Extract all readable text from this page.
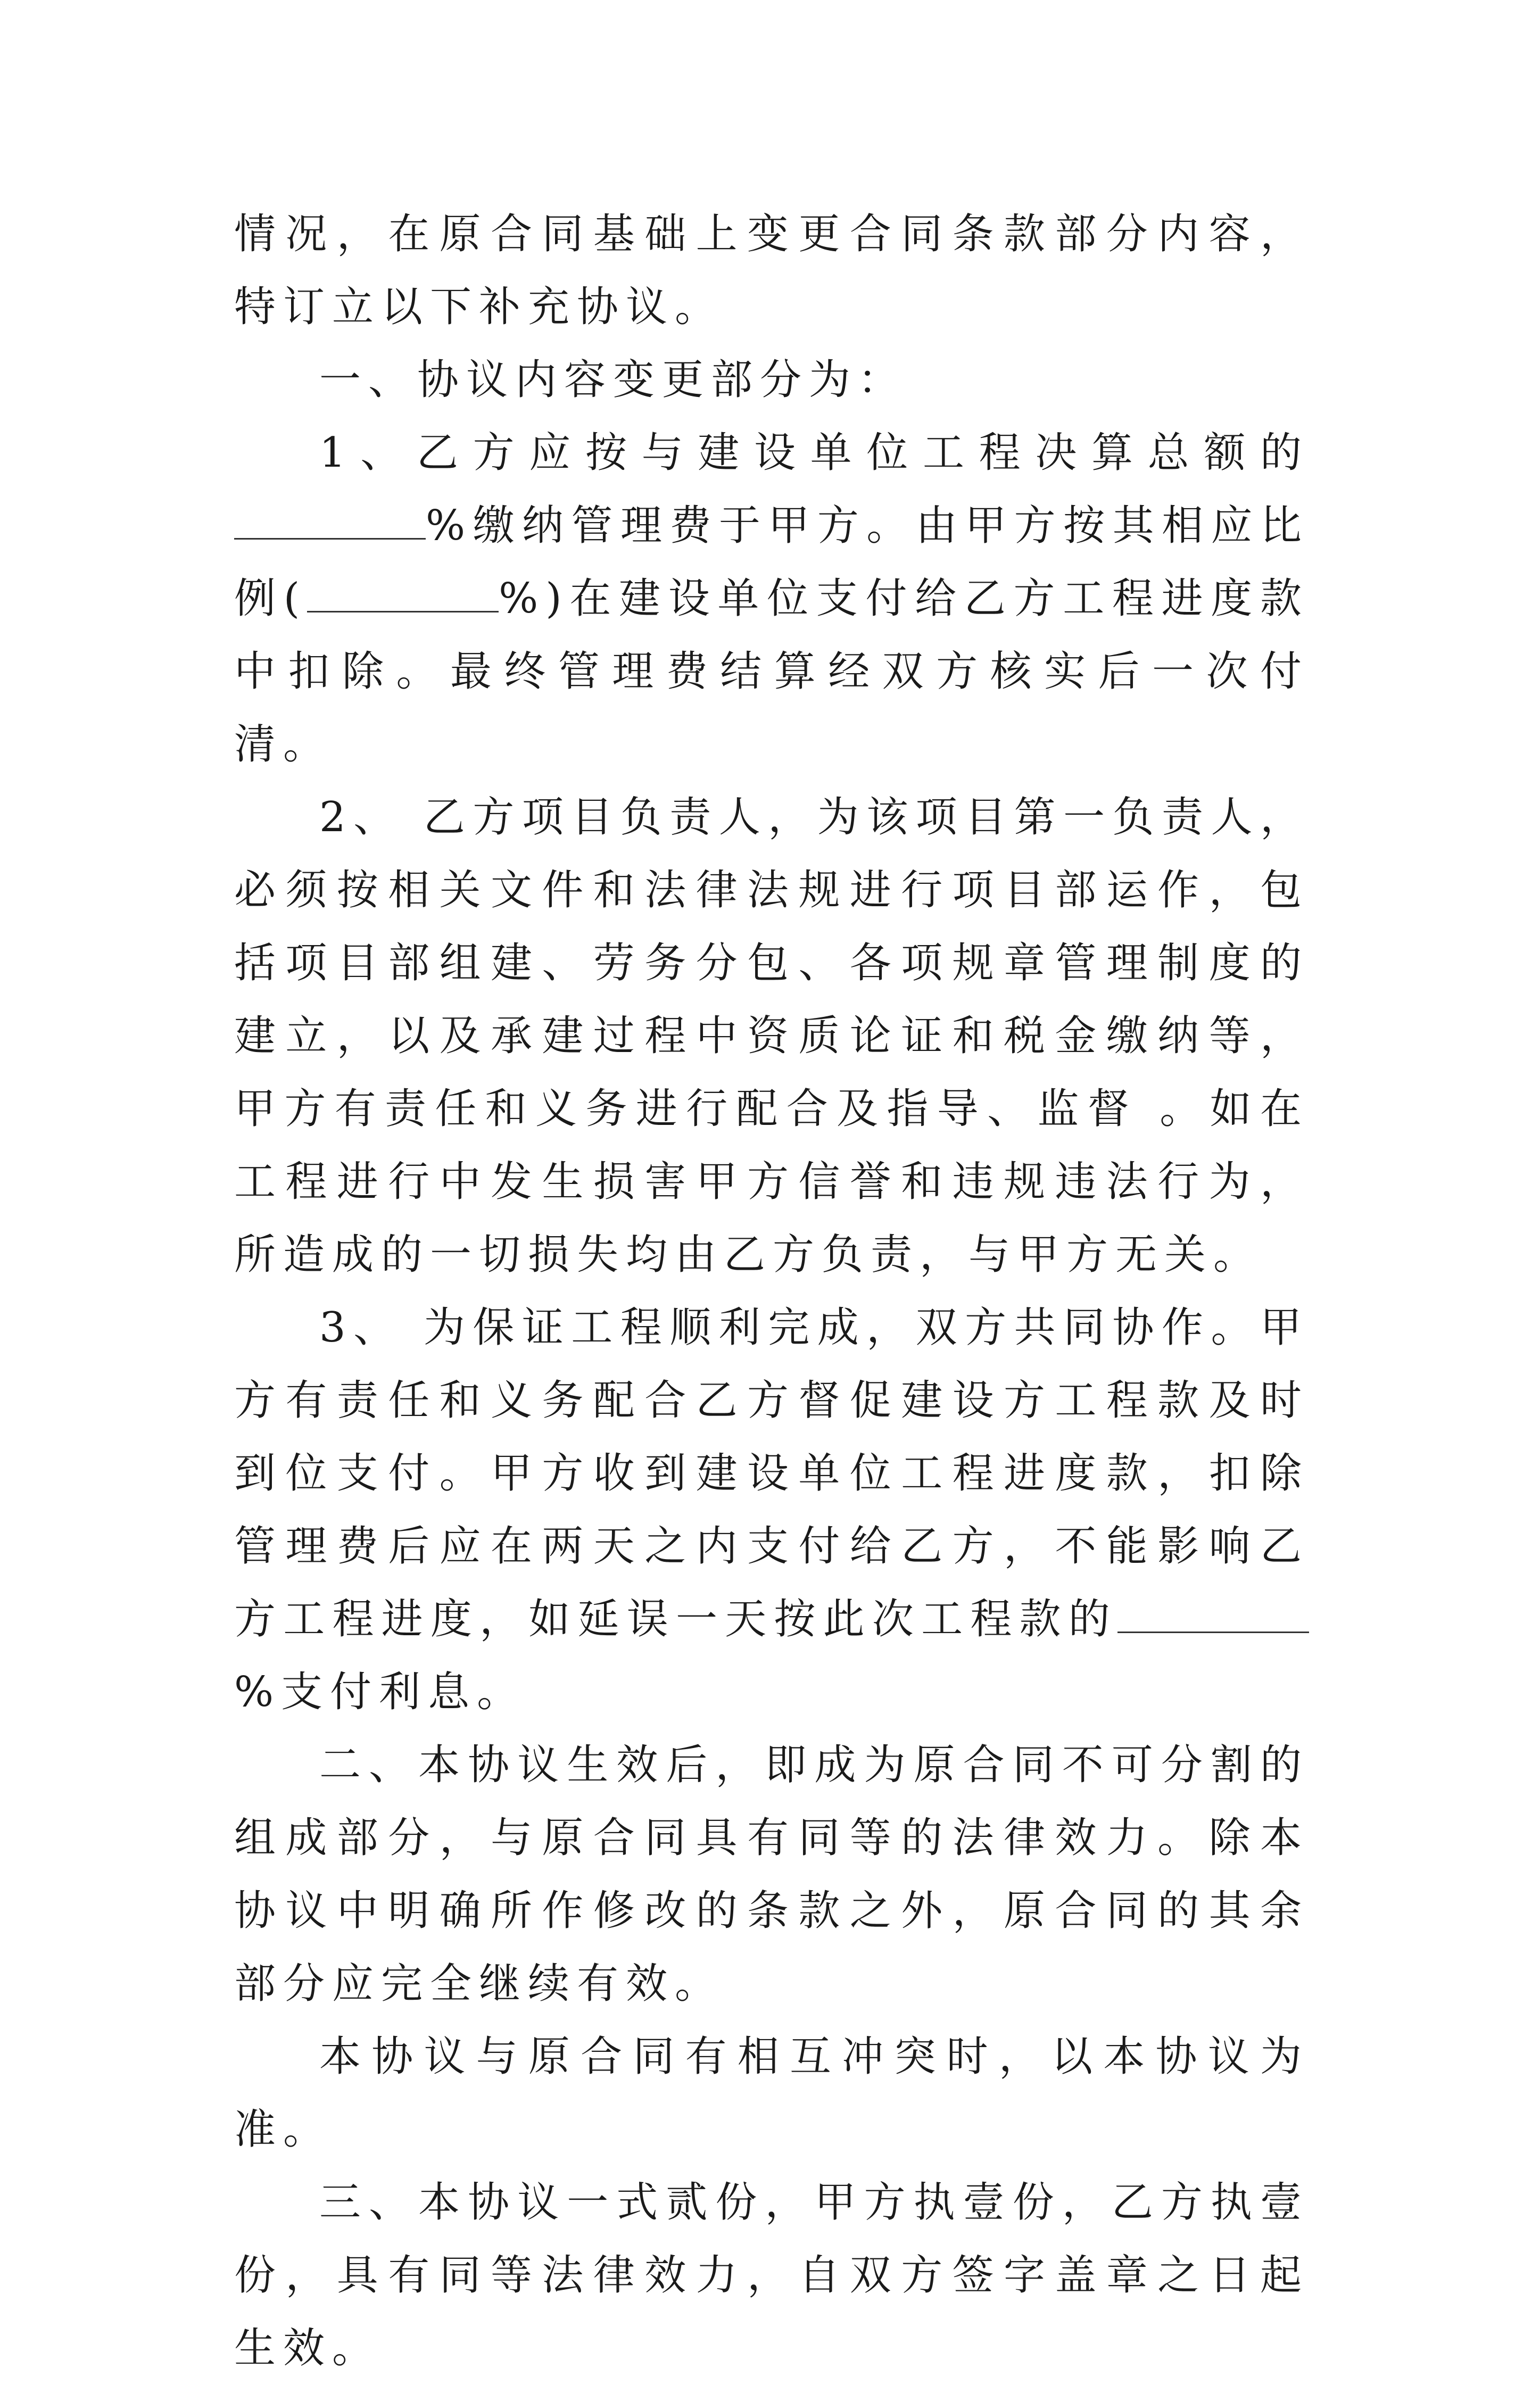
情况，在原合同基础上变更合同条款部分内容，特订立以下补充协议。

一、协议内容变更部分为：

1、乙方应按与建设单位工程决算总额的%缴纳管理费于甲方。由甲方按其相应比例(	%)在建设单位支付给乙方工程进度款中扣除。最终管理费结算经双方核实后一次付清。

2、 乙方项目负责人，为该项目第一负责人，必须按相关文件和法律法规进行项目部运作，包括项目部组建、劳务分包、各项规章管理制度的建立，以及承建过程中资质论证和税金缴纳等，甲方有责任和义务进行配合及指导、监督 。如在工程进行中发生损害甲方信誉和违规违法行为，所造成的一切损失均由乙方负责，与甲方无关。

3、 为保证工程顺利完成，双方共同协作。甲方有责任和义务配合乙方督促建设方工程款及时到位支付。甲方收到建设单位工程进度款，扣除管理费后应在两天之内支付给乙方，不能影响乙方工程进度，如延误一天按此次工程款的%支付利息。

二、本协议生效后，即成为原合同不可分割的组成部分，与原合同具有同等的法律效力。除本协议中明确所作修改的条款之外，原合同的其余部分应完全继续有效。

本协议与原合同有相互冲突时，以本协议为准。

三、本协议一式贰份，甲方执壹份，乙方执壹份，具有同等法律效力，自双方签字盖章之日起生效。
